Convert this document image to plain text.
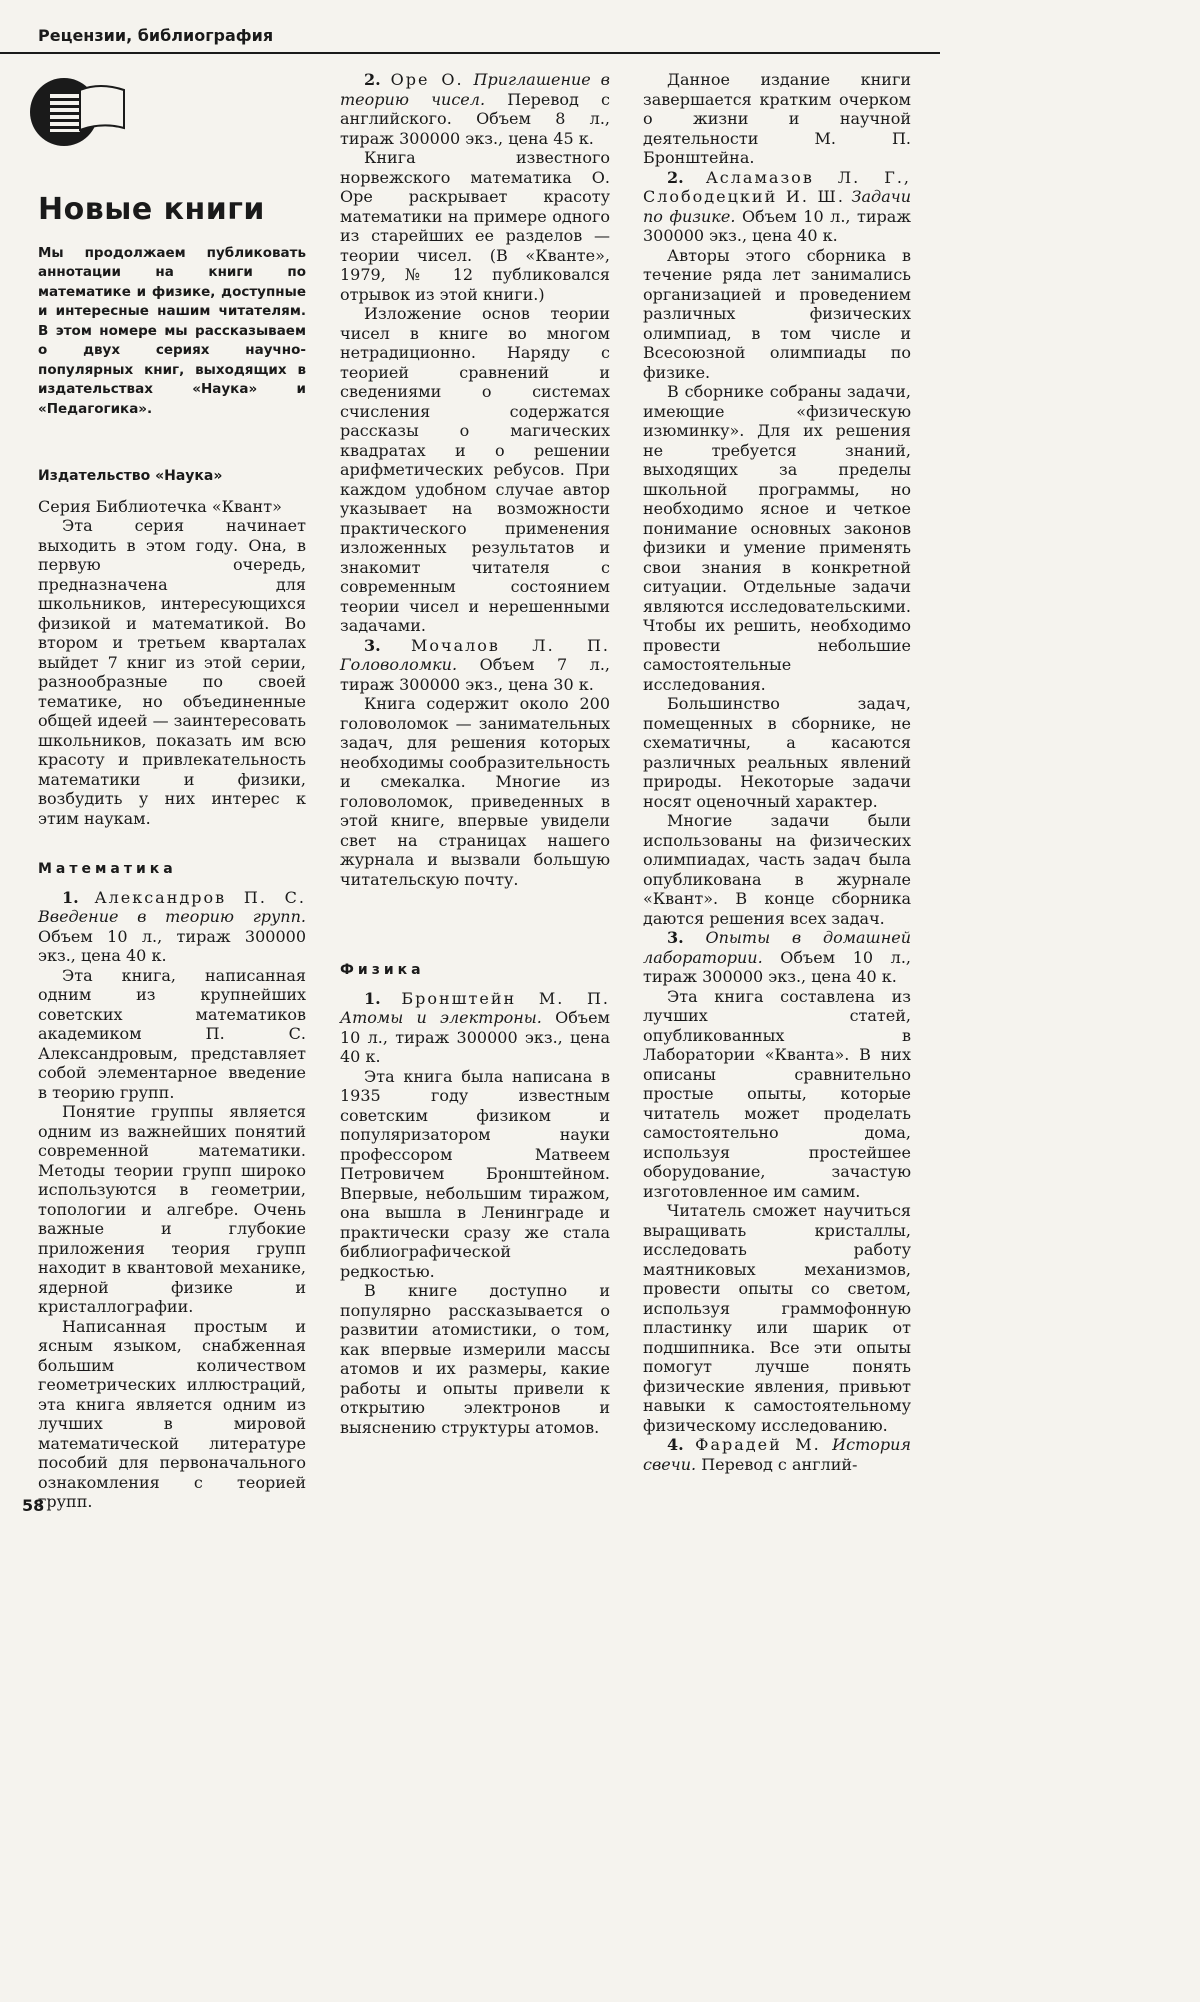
Рецензии, библиография
Новые книги

Мы продолжаем публиковать аннотации на книги по математике и физике, доступные и интересные нашим читателям. В этом номере мы рассказываем о двух сериях научно-популярных книг, выходящих в издательствах «Наука» и «Педагогика».

Издательство «Наука»

Серия Библиотечка «Квант»

Эта серия начинает выходить в этом году. Она, в первую очередь, предназначена для школьников, интересующихся физикой и математикой. Во втором и третьем кварталах выйдет 7 книг из этой серии, разнообразные по своей тематике, но объединенные общей идеей — заинтересовать школьников, показать им всю красоту и привлекательность математики и физики, возбудить у них интерес к этим наукам.

Математика

1. Александров П. С. Введение в теорию групп. Объем 10 л., тираж 300000 экз., цена 40 к.

Эта книга, написанная одним из крупнейших советских математиков академиком П. С. Александровым, представляет собой элементарное введение в теорию групп.

Понятие группы является одним из важнейших понятий современной математики. Методы теории групп широко используются в геометрии, топологии и алгебре. Очень важные и глубокие приложения теория групп находит в квантовой механике, ядерной физике и кристаллографии.

Написанная простым и ясным языком, снабженная большим количеством геометрических иллюстраций, эта книга является одним из лучших в мировой математической литературе пособий для первоначального ознакомления с теорией групп.

2. Оре О. Приглашение в теорию чисел. Перевод с английского. Объем 8 л., тираж 300000 экз., цена 45 к.

Книга известного норвежского математика О. Оре раскрывает красоту математики на примере одного из старейших ее разделов — теории чисел. (В «Кванте», 1979, № 12 публиковался отрывок из этой книги.)

Изложение основ теории чисел в книге во многом нетрадиционно. Наряду с теорией сравнений и сведениями о системах счисления содержатся рассказы о магических квадратах и о решении арифметических ребусов. При каждом удобном случае автор указывает на возможности практического применения изложенных результатов и знакомит читателя с современным состоянием теории чисел и нерешенными задачами.

3. Мочалов Л. П. Головоломки. Объем 7 л., тираж 300000 экз., цена 30 к.

Книга содержит около 200 головоломок — занимательных задач, для решения которых необходимы сообразительность и смекалка. Многие из головоломок, приведенных в этой книге, впервые увидели свет на страницах нашего журнала и вызвали большую читательскую почту.

Физика

1. Бронштейн М. П. Атомы и электроны. Объем 10 л., тираж 300000 экз., цена 40 к.

Эта книга была написана в 1935 году известным советским физиком и популяризатором науки профессором Матвеем Петровичем Бронштейном. Впервые, небольшим тиражом, она вышла в Ленинграде и практически сразу же стала библиографической редкостью.

В книге доступно и популярно рассказывается о развитии атомистики, о том, как впервые измерили массы атомов и их размеры, какие работы и опыты привели к открытию электронов и выяснению структуры атомов.

Данное издание книги завершается кратким очерком о жизни и научной деятельности М. П. Бронштейна.

2. Асламазов Л. Г., Слободецкий И. Ш. Задачи по физике. Объем 10 л., тираж 300000 экз., цена 40 к.

Авторы этого сборника в течение ряда лет занимались организацией и проведением различных физических олимпиад, в том числе и Всесоюзной олимпиады по физике.

В сборнике собраны задачи, имеющие «физическую изюминку». Для их решения не требуется знаний, выходящих за пределы школьной программы, но необходимо ясное и четкое понимание основных законов физики и умение применять свои знания в конкретной ситуации. Отдельные задачи являются исследовательскими. Чтобы их решить, необходимо провести небольшие самостоятельные исследования.

Большинство задач, помещенных в сборнике, не схематичны, а касаются различных реальных явлений природы. Некоторые задачи носят оценочный характер.

Многие задачи были использованы на физических олимпиадах, часть задач была опубликована в журнале «Квант». В конце сборника даются решения всех задач.

3. Опыты в домашней лаборатории. Объем 10 л., тираж 300000 экз., цена 40 к.

Эта книга составлена из лучших статей, опубликованных в Лаборатории «Кванта». В них описаны сравнительно простые опыты, которые читатель может проделать самостоятельно дома, используя простейшее оборудование, зачастую изготовленное им самим.

Читатель сможет научиться выращивать кристаллы, исследовать работу маятниковых механизмов, провести опыты со светом, используя граммофонную пластинку или шарик от подшипника. Все эти опыты помогут лучше понять физические явления, привьют навыки к самостоятельному физическому исследованию.

4. Фарадей М. История свечи. Перевод с англий-

58
